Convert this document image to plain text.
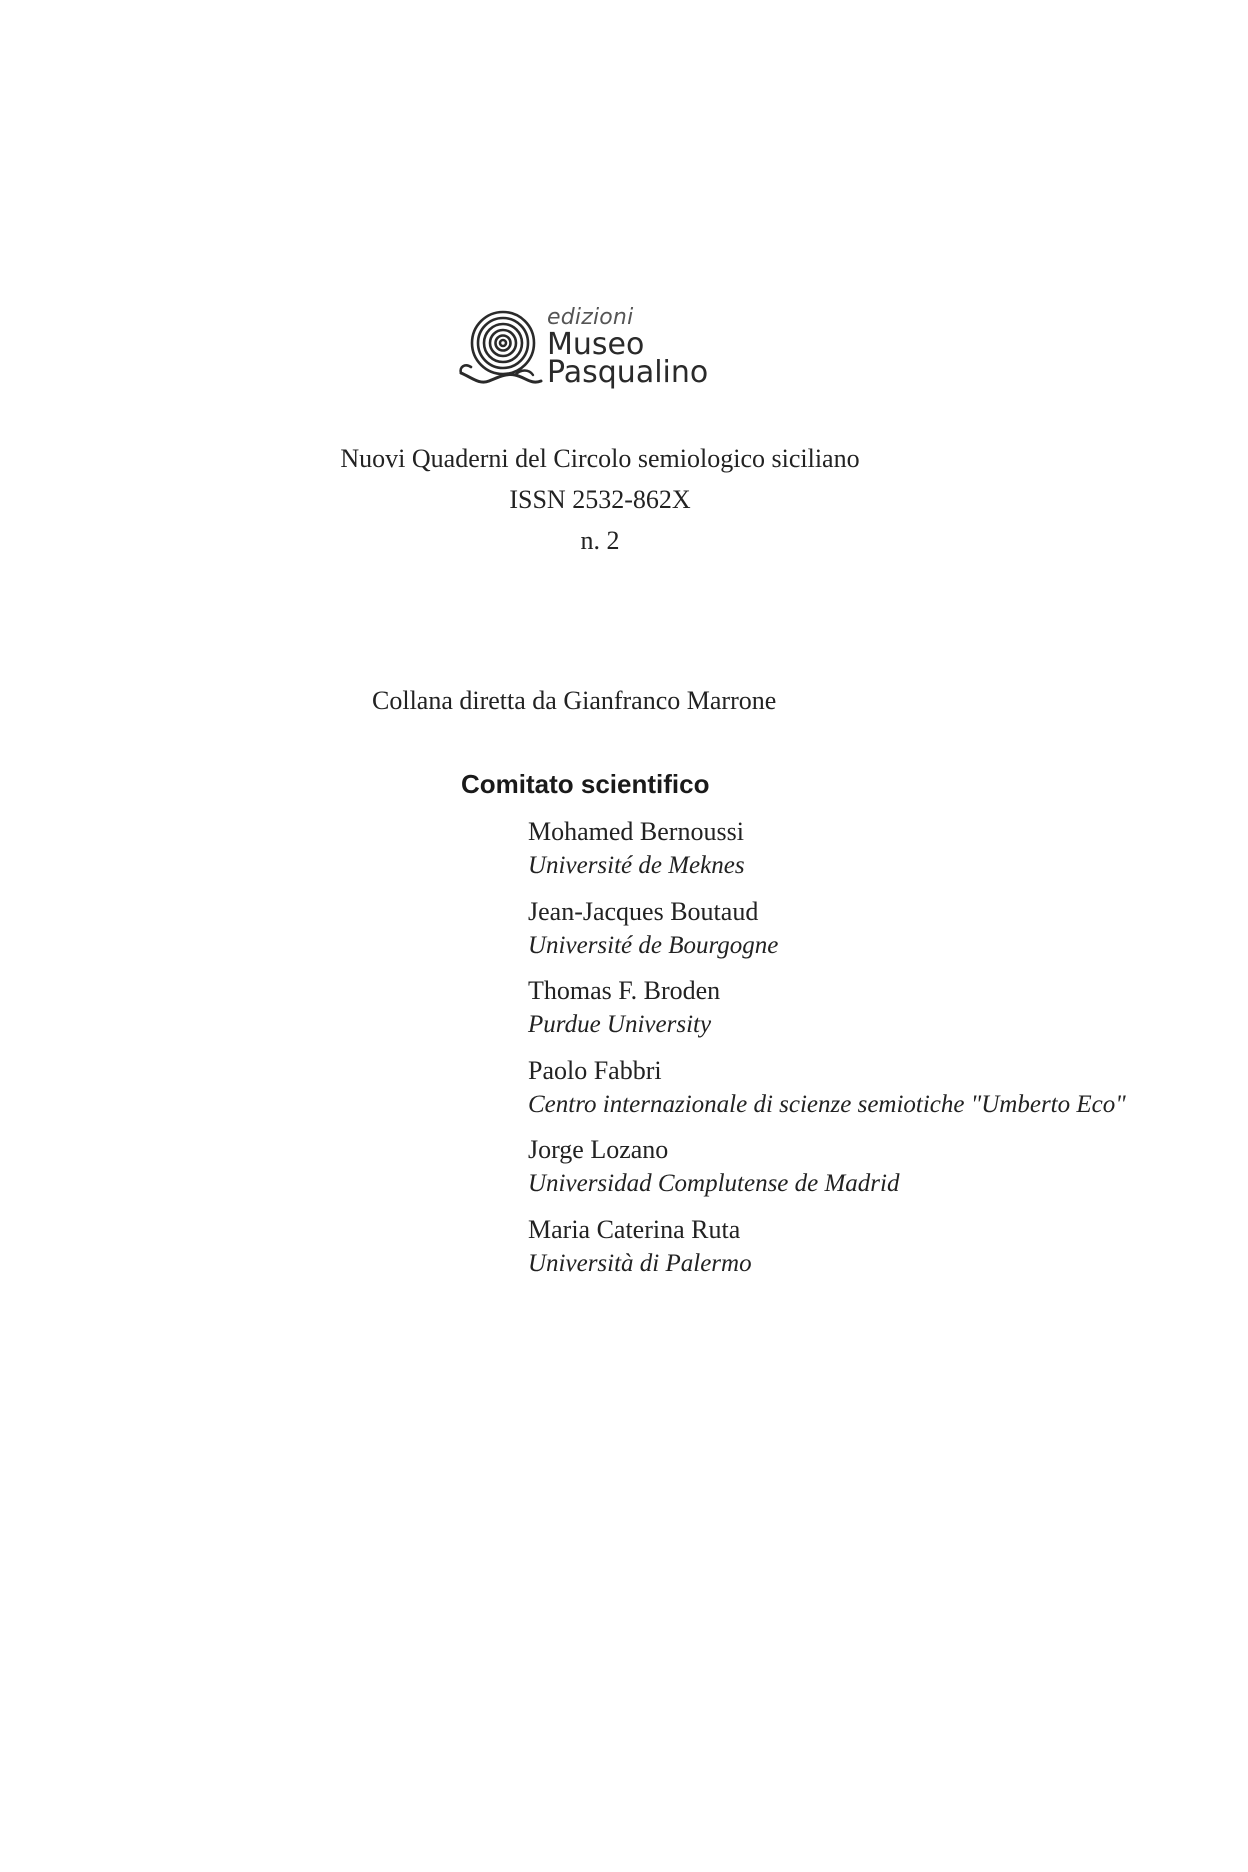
edizioni
Museo
Pasqualino
Nuovi Quaderni del Circolo semiologico siciliano
ISSN 2532-862X
n. 2
Collana diretta da Gianfranco Marrone
Comitato scientifico
Mohamed Bernoussi
Université de Meknes
Jean-Jacques Boutaud
Université de Bourgogne
Thomas F. Broden
Purdue University
Paolo Fabbri
Centro internazionale di scienze semiotiche "Umberto Eco"
Jorge Lozano
Universidad Complutense de Madrid
Maria Caterina Ruta
Università di Palermo
